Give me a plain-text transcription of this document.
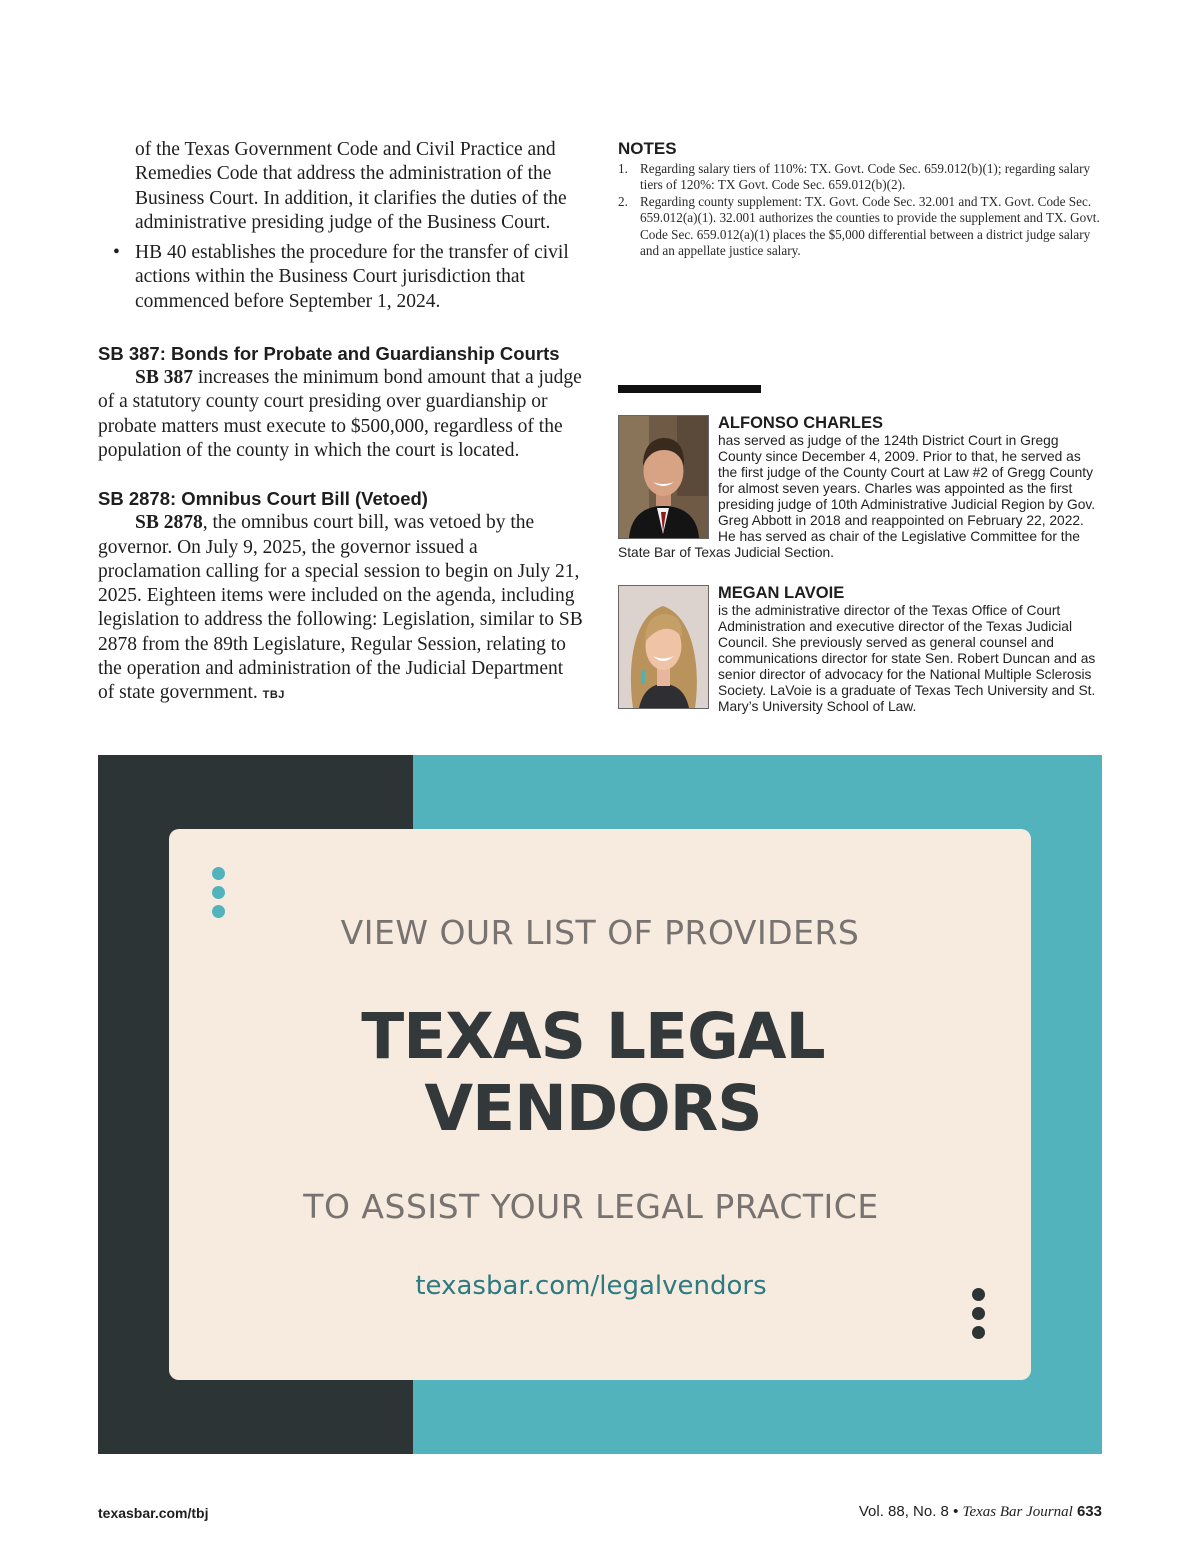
of the Texas Government Code and Civil Practice and Remedies Code that address the administration of the Business Court. In addition, it clarifies the duties of the administrative presiding judge of the Business Court.

• HB 40 establishes the procedure for the transfer of civil actions within the Business Court jurisdiction that commenced before September 1, 2024.
SB 387: Bonds for Probate and Guardianship Courts

SB 387 increases the minimum bond amount that a judge of a statutory county court presiding over guardianship or probate matters must execute to $500,000, regardless of the population of the county in which the court is located.

SB 2878: Omnibus Court Bill (Vetoed)

SB 2878, the omnibus court bill, was vetoed by the governor. On July 9, 2025, the governor issued a proclamation calling for a special session to begin on July 21, 2025. Eighteen items were included on the agenda, including legislation to address the following: Legislation, similar to SB 2878 from the 89th Legislature, Regular Session, relating to the operation and administration of the Judicial Department of state government. TBJ

NOTES
1. Regarding salary tiers of 110%: TX. Govt. Code Sec. 659.012(b)(1); regarding salary tiers of 120%: TX Govt. Code Sec. 659.012(b)(2).
2. Regarding county supplement: TX. Govt. Code Sec. 32.001 and TX. Govt. Code Sec. 659.012(a)(1). 32.001 authorizes the counties to provide the supplement and TX. Govt. Code Sec. 659.012(a)(1) places the $5,000 differential between a district judge salary and an appellate justice salary.
ALFONSO CHARLES

has served as judge of the 124th District Court in Gregg County since December 4, 2009. Prior to that, he served as the first judge of the County Court at Law #2 of Gregg County for almost seven years. Charles was appointed as the first presiding judge of 10th Administrative Judicial Region by Gov. Greg Abbott in 2018 and reappointed on February 22, 2022. He has served as chair of the Legislative Committee for the State Bar of Texas Judicial Section.

MEGAN LAVOIE

is the administrative director of the Texas Office of Court Administration and executive director of the Texas Judicial Council. She previously served as general counsel and communications director for state Sen. Robert Duncan and as senior director of advocacy for the National Multiple Sclerosis Society. LaVoie is a graduate of Texas Tech University and St. Mary’s University School of Law.

VIEW OUR LIST OF PROVIDERS
TEXAS LEGAL
VENDORS
TO ASSIST YOUR LEGAL PRACTICE
texasbar.com/legalvendors
texasbar.com/tbj	Vol. 88, No. 8 • Texas Bar Journal 633
